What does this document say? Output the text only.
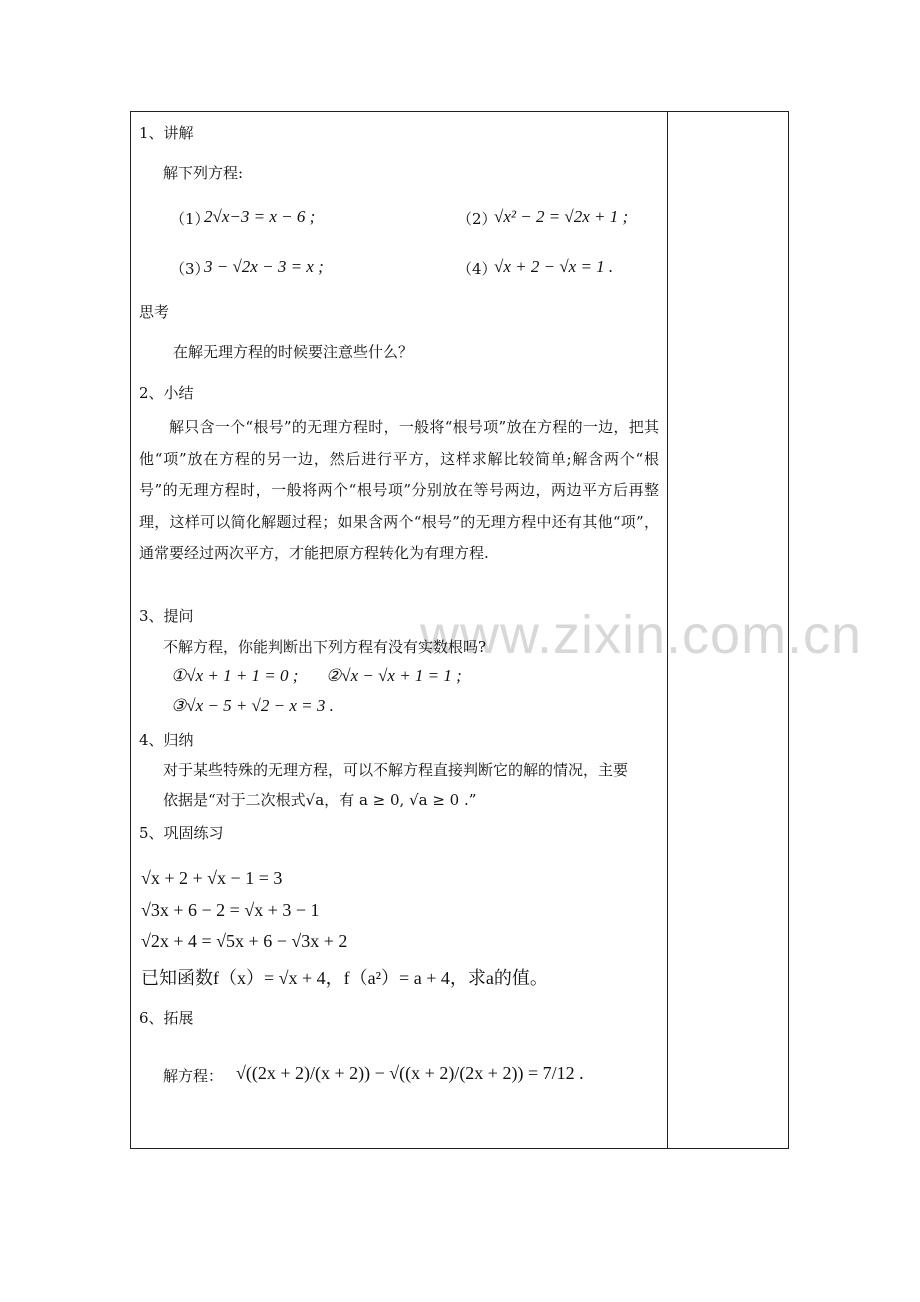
www.zixin.com.cn
1、讲解
解下列方程:
（1）
2√x−3 = x − 6 ;	（2）
√x² − 2 = √2x + 1 ;
（3）
3 − √2x − 3 = x ;	（4）
√x + 2 − √x = 1 .
思考
在解无理方程的时候要注意些什么？
2、小结
解只含一个“根号”的无理方程时，一般将“根号项”放在方程的一边，把其他“项”放在方程的另一边，然后进行平方，这样求解比较简单;解含两个“根号”的无理方程时，一般将两个“根号项”分别放在等号两边，两边平方后再整理，这样可以简化解题过程；如果含两个“根号”的无理方程中还有其他“项”，通常要经过两次平方，才能把原方程转化为有理方程.
3、提问
不解方程，你能判断出下列方程有没有实数根吗?
①√x + 1 + 1 = 0 ; ②√x − √x + 1 = 1 ;
③√x − 5 + √2 − x = 3 .
4、归纳
对于某些特殊的无理方程，可以不解方程直接判断它的解的情况，主要
依据是“对于二次根式√a，有 a ≥ 0, √a ≥ 0 .”
5、巩固练习
√x + 2 + √x − 1 = 3
√3x + 6 − 2 = √x + 3 − 1
√2x + 4 = √5x + 6 − √3x + 2
已知函数f（x）= √x + 4，f（a²）= a + 4，求a的值。
6、拓展
解方程： √((2x + 2)/(x + 2)) − √((x + 2)/(2x + 2)) = 7/12 .
